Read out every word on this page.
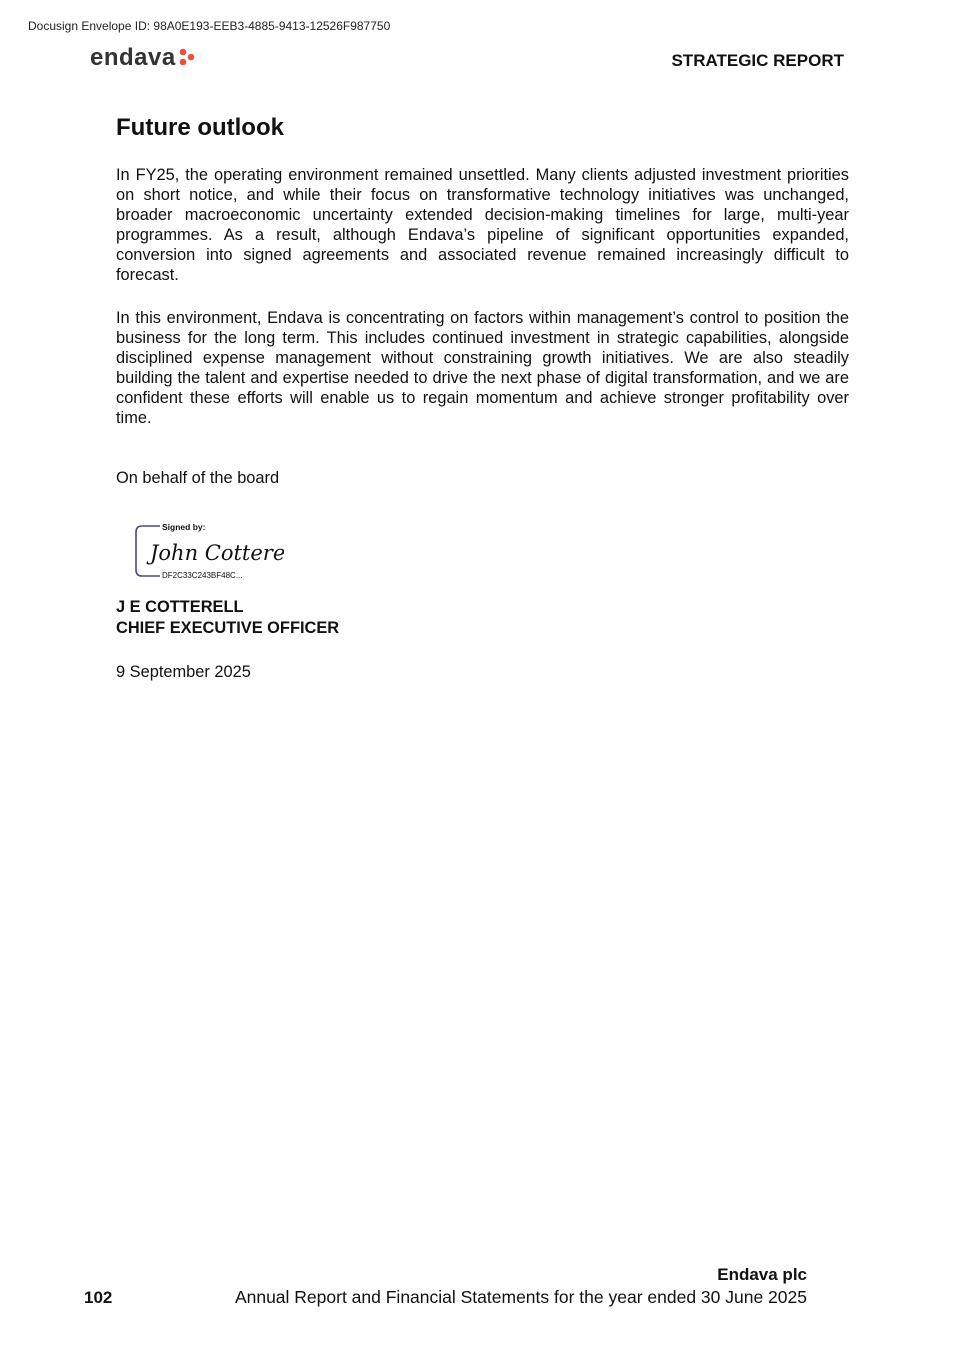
Docusign Envelope ID: 98A0E193-EEB3-4885-9413-12526F987750
endava	STRATEGIC REPORT
Future outlook

In FY25, the operating environment remained unsettled. Many clients adjusted investment priorities on short notice, and while their focus on transformative technology initiatives was unchanged, broader macroeconomic uncertainty extended decision-making timelines for large, multi-year programmes. As a result, although Endava’s pipeline of significant opportunities expanded, conversion into signed agreements and associated revenue remained increasingly difficult to forecast.

In this environment, Endava is concentrating on factors within management’s control to position the business for the long term. This includes continued investment in strategic capabilities, alongside disciplined expense management without constraining growth initiatives. We are also steadily building the talent and expertise needed to drive the next phase of digital transformation, and we are confident these efforts will enable us to regain momentum and achieve stronger profitability over time.

On behalf of the board
Signed by:
John Cotterell
DF2C33C243BF48C...
J E COTTERELL
CHIEF EXECUTIVE OFFICER
9 September 2025
Endava plc
102	Annual Report and Financial Statements for the year ended 30 June 2025
